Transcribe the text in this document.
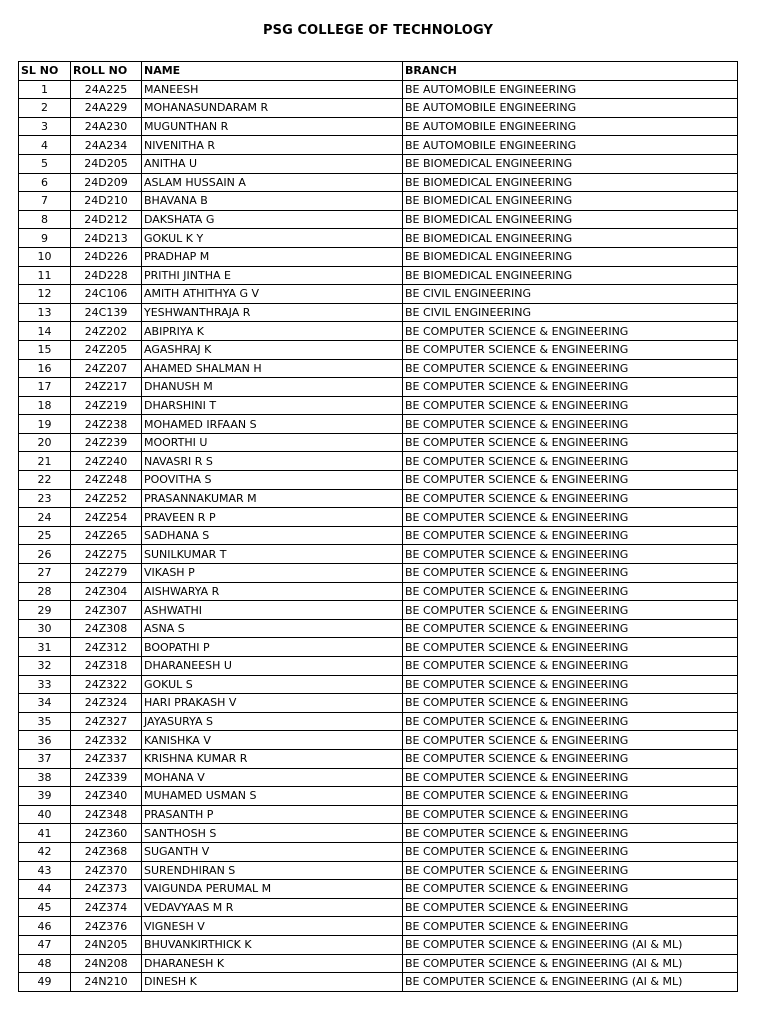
PSG COLLEGE OF TECHNOLOGY
SL NO	ROLL NO	NAME	BRANCH
1	24A225	MANEESH	BE AUTOMOBILE ENGINEERING
2	24A229	MOHANASUNDARAM R	BE AUTOMOBILE ENGINEERING
3	24A230	MUGUNTHAN R	BE AUTOMOBILE ENGINEERING
4	24A234	NIVENITHA R	BE AUTOMOBILE ENGINEERING
5	24D205	ANITHA U	BE BIOMEDICAL ENGINEERING
6	24D209	ASLAM HUSSAIN A	BE BIOMEDICAL ENGINEERING
7	24D210	BHAVANA B	BE BIOMEDICAL ENGINEERING
8	24D212	DAKSHATA G	BE BIOMEDICAL ENGINEERING
9	24D213	GOKUL K Y	BE BIOMEDICAL ENGINEERING
10	24D226	PRADHAP M	BE BIOMEDICAL ENGINEERING
11	24D228	PRITHI JINTHA E	BE BIOMEDICAL ENGINEERING
12	24C106	AMITH ATHITHYA G V	BE CIVIL ENGINEERING
13	24C139	YESHWANTHRAJA R	BE CIVIL ENGINEERING
14	24Z202	ABIPRIYA K	BE COMPUTER SCIENCE & ENGINEERING
15	24Z205	AGASHRAJ K	BE COMPUTER SCIENCE & ENGINEERING
16	24Z207	AHAMED SHALMAN H	BE COMPUTER SCIENCE & ENGINEERING
17	24Z217	DHANUSH M	BE COMPUTER SCIENCE & ENGINEERING
18	24Z219	DHARSHINI T	BE COMPUTER SCIENCE & ENGINEERING
19	24Z238	MOHAMED IRFAAN S	BE COMPUTER SCIENCE & ENGINEERING
20	24Z239	MOORTHI U	BE COMPUTER SCIENCE & ENGINEERING
21	24Z240	NAVASRI R S	BE COMPUTER SCIENCE & ENGINEERING
22	24Z248	POOVITHA S	BE COMPUTER SCIENCE & ENGINEERING
23	24Z252	PRASANNAKUMAR M	BE COMPUTER SCIENCE & ENGINEERING
24	24Z254	PRAVEEN R P	BE COMPUTER SCIENCE & ENGINEERING
25	24Z265	SADHANA S	BE COMPUTER SCIENCE & ENGINEERING
26	24Z275	SUNILKUMAR T	BE COMPUTER SCIENCE & ENGINEERING
27	24Z279	VIKASH P	BE COMPUTER SCIENCE & ENGINEERING
28	24Z304	AISHWARYA R	BE COMPUTER SCIENCE & ENGINEERING
29	24Z307	ASHWATHI	BE COMPUTER SCIENCE & ENGINEERING
30	24Z308	ASNA S	BE COMPUTER SCIENCE & ENGINEERING
31	24Z312	BOOPATHI P	BE COMPUTER SCIENCE & ENGINEERING
32	24Z318	DHARANEESH U	BE COMPUTER SCIENCE & ENGINEERING
33	24Z322	GOKUL S	BE COMPUTER SCIENCE & ENGINEERING
34	24Z324	HARI PRAKASH V	BE COMPUTER SCIENCE & ENGINEERING
35	24Z327	JAYASURYA S	BE COMPUTER SCIENCE & ENGINEERING
36	24Z332	KANISHKA V	BE COMPUTER SCIENCE & ENGINEERING
37	24Z337	KRISHNA KUMAR R	BE COMPUTER SCIENCE & ENGINEERING
38	24Z339	MOHANA V	BE COMPUTER SCIENCE & ENGINEERING
39	24Z340	MUHAMED USMAN S	BE COMPUTER SCIENCE & ENGINEERING
40	24Z348	PRASANTH P	BE COMPUTER SCIENCE & ENGINEERING
41	24Z360	SANTHOSH S	BE COMPUTER SCIENCE & ENGINEERING
42	24Z368	SUGANTH V	BE COMPUTER SCIENCE & ENGINEERING
43	24Z370	SURENDHIRAN S	BE COMPUTER SCIENCE & ENGINEERING
44	24Z373	VAIGUNDA PERUMAL M	BE COMPUTER SCIENCE & ENGINEERING
45	24Z374	VEDAVYAAS M R	BE COMPUTER SCIENCE & ENGINEERING
46	24Z376	VIGNESH V	BE COMPUTER SCIENCE & ENGINEERING
47	24N205	BHUVANKIRTHICK K	BE COMPUTER SCIENCE & ENGINEERING (AI & ML)
48	24N208	DHARANESH K	BE COMPUTER SCIENCE & ENGINEERING (AI & ML)
49	24N210	DINESH K	BE COMPUTER SCIENCE & ENGINEERING (AI & ML)
